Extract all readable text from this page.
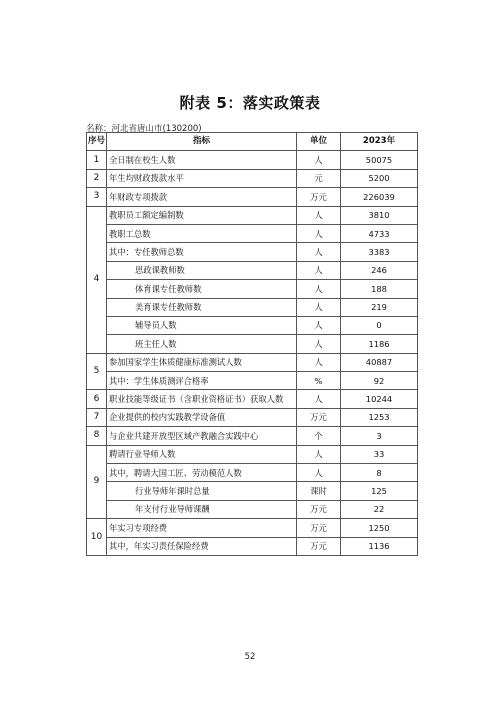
附表 5：落实政策表
名称：河北省唐山市(130200)
序号	指标	单位	2023年
1	全日制在校生人数	人	50075
2	年生均财政拨款水平	元	5200
3	年财政专项拨款	万元	226039
4	教职员工额定编制数	人	3810
	教职工总数	人	4733
	其中：专任教师总数	人	3383
	思政课教师数	人	246
	体育课专任教师数	人	188
	美育课专任教师数	人	219
	辅导员人数	人	0
	班主任人数	人	1186
5	参加国家学生体质健康标准测试人数	人	40887
	其中：学生体质测评合格率	%	92
6	职业技能等级证书（含职业资格证书）获取人数	人	10244
7	企业提供的校内实践教学设备值	万元	1253
8	与企业共建开放型区域产教融合实践中心	个	3
9	聘请行业导师人数	人	33
	其中，聘请大国工匠、劳动模范人数	人	8
	行业导师年课时总量	课时	125
	年支付行业导师课酬	万元	22
10	年实习专项经费	万元	1250
	其中，年实习责任保险经费	万元	1136
52
